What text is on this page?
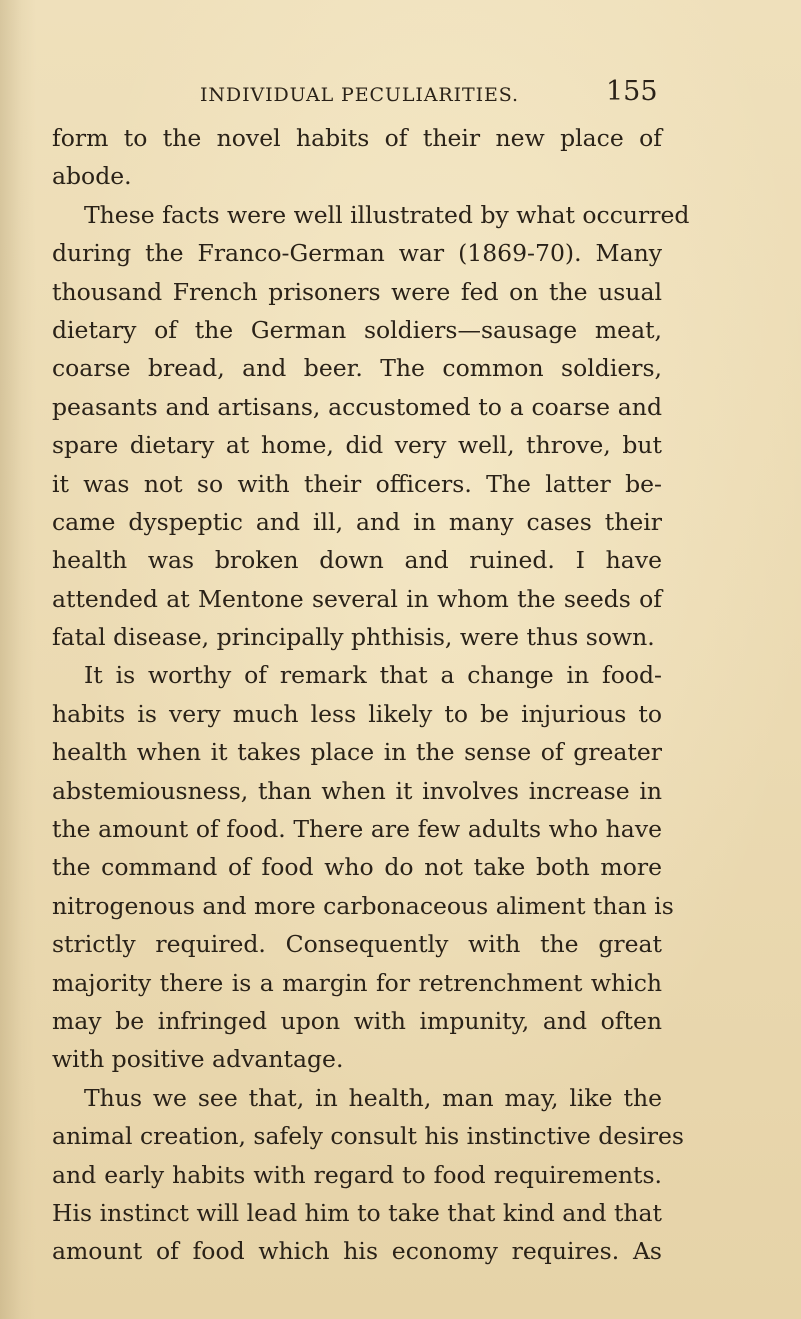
INDIVIDUAL PECULIARITIES.	155
form to the novel habits of their new place of
abode.
These facts were well illustrated by what occurred
during the Franco-German war (1869-70). Many
thousand French prisoners were fed on the usual
dietary of the German soldiers—sausage meat,
coarse bread, and beer. The common soldiers,
peasants and artisans, accustomed to a coarse and
spare dietary at home, did very well, throve, but
it was not so with their officers. The latter be-
came dyspeptic and ill, and in many cases their
health was broken down and ruined. I have
attended at Mentone several in whom the seeds of
fatal disease, principally phthisis, were thus sown.
It is worthy of remark that a change in food-
habits is very much less likely to be injurious to
health when it takes place in the sense of greater
abstemiousness, than when it involves increase in
the amount of food. There are few adults who have
the command of food who do not take both more
nitrogenous and more carbonaceous aliment than is
strictly required. Consequently with the great
majority there is a margin for retrenchment which
may be infringed upon with impunity, and often
with positive advantage.
Thus we see that, in health, man may, like the
animal creation, safely consult his instinctive desires
and early habits with regard to food requirements.
His instinct will lead him to take that kind and that
amount of food which his economy requires. As
